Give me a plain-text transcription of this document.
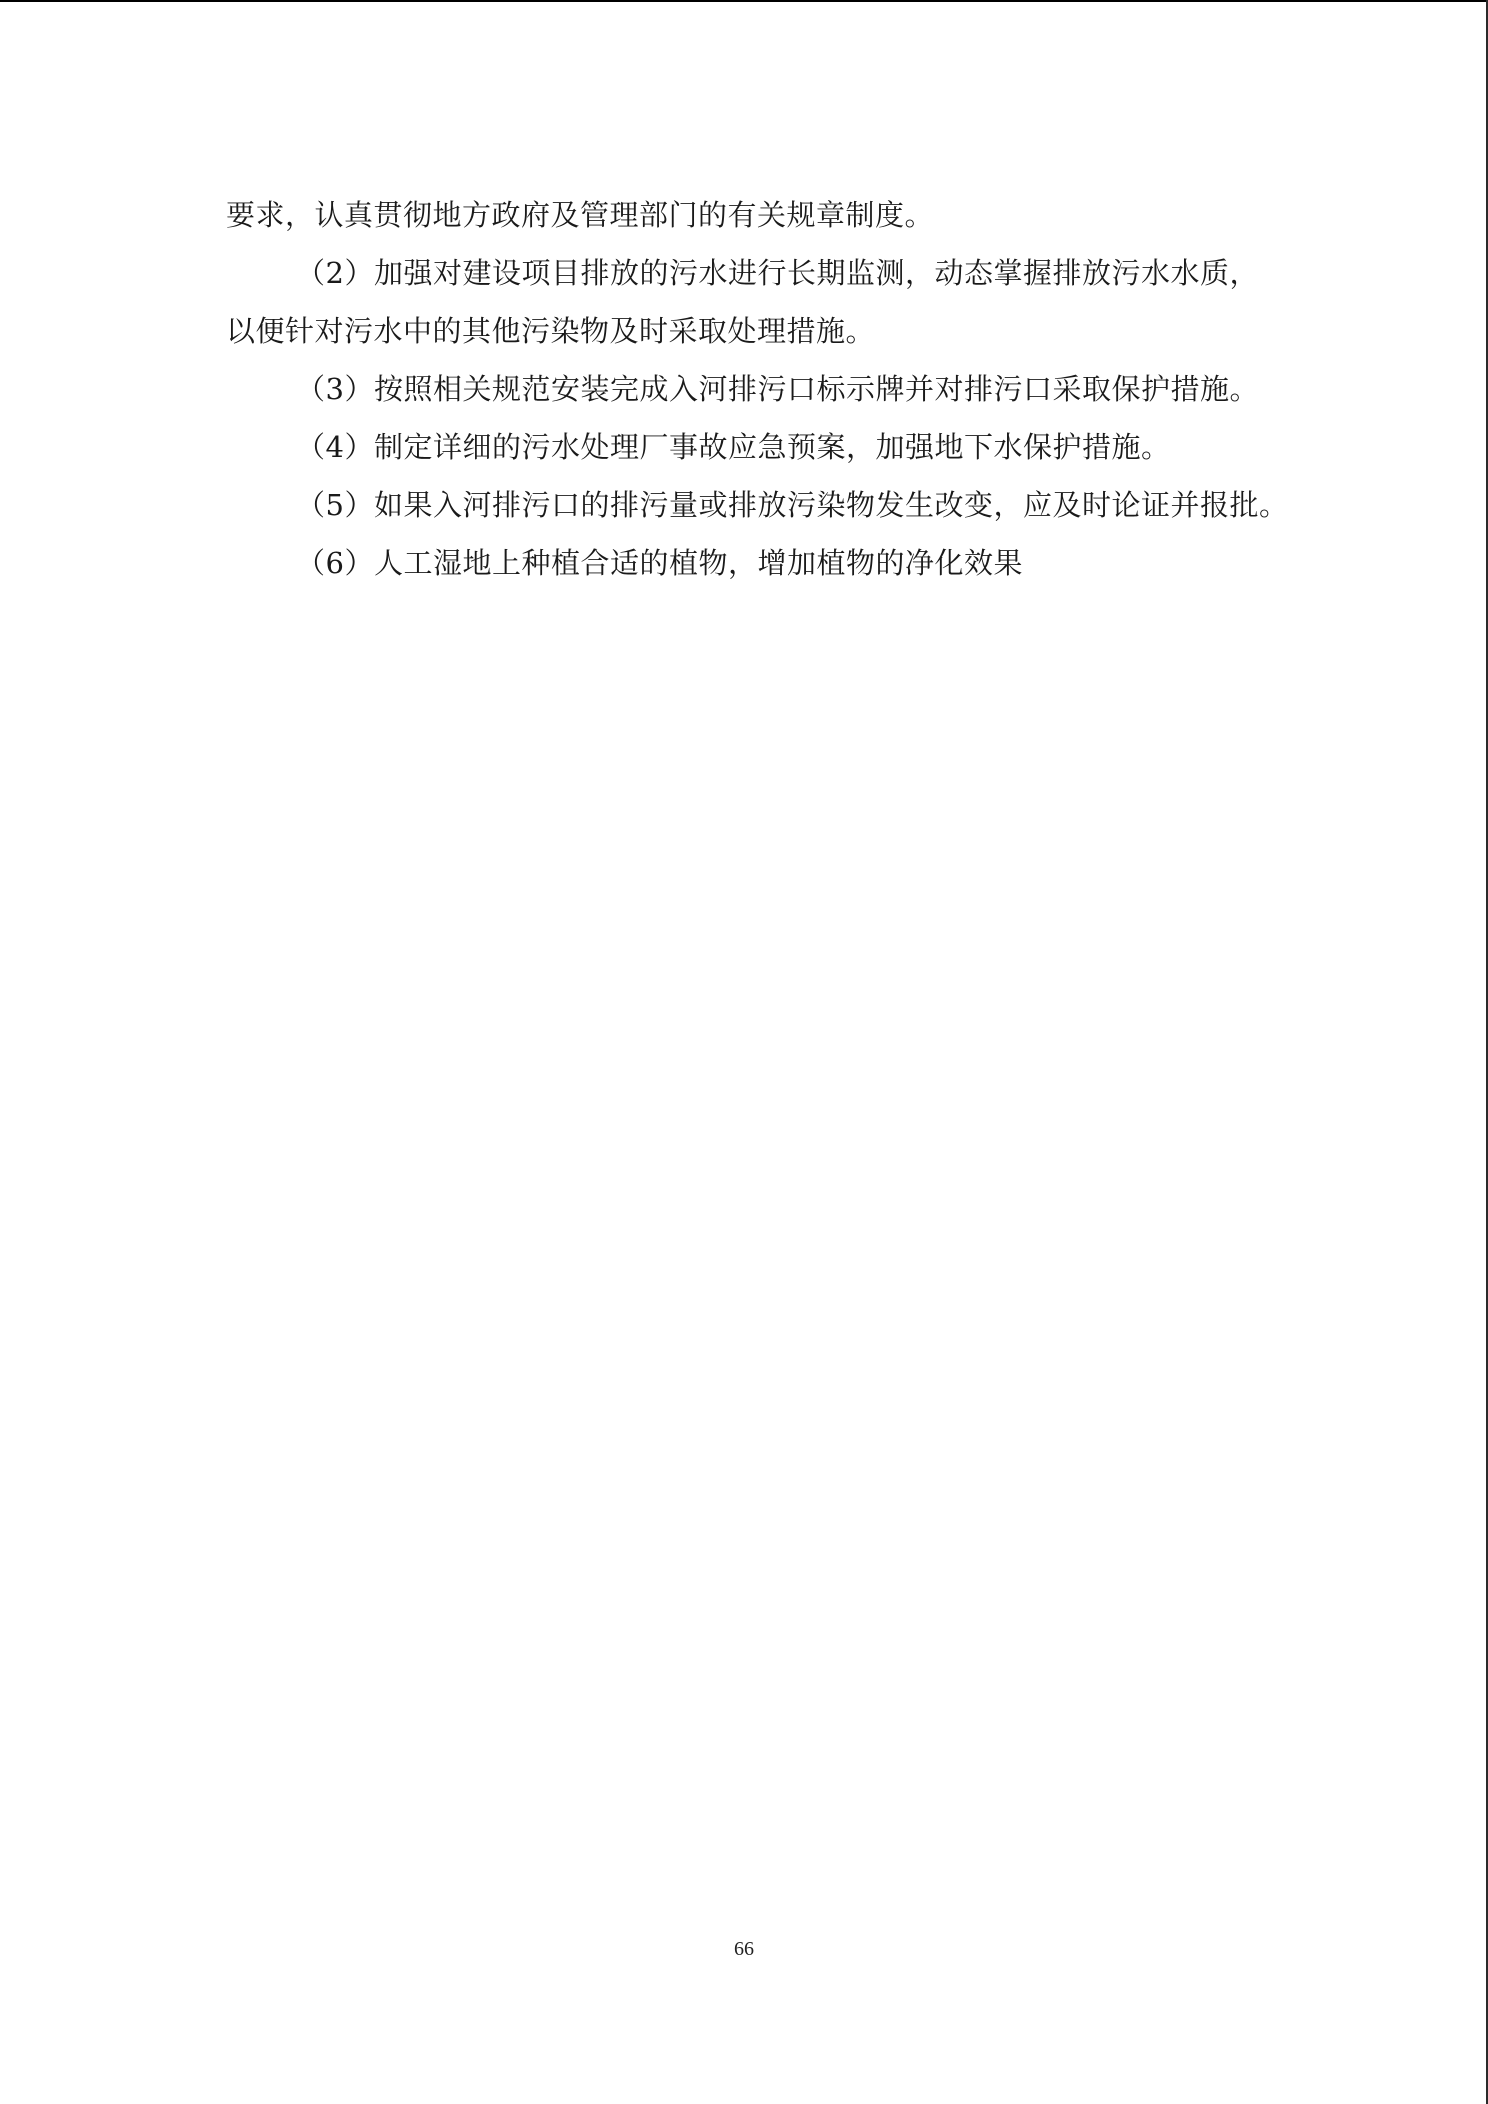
要求，认真贯彻地方政府及管理部门的有关规章制度。
（2）加强对建设项目排放的污水进行长期监测，动态掌握排放污水水质，
以便针对污水中的其他污染物及时采取处理措施。
（3）按照相关规范安装完成入河排污口标示牌并对排污口采取保护措施。
（4）制定详细的污水处理厂事故应急预案，加强地下水保护措施。
（5）如果入河排污口的排污量或排放污染物发生改变，应及时论证并报批。
（6）人工湿地上种植合适的植物，增加植物的净化效果
66
